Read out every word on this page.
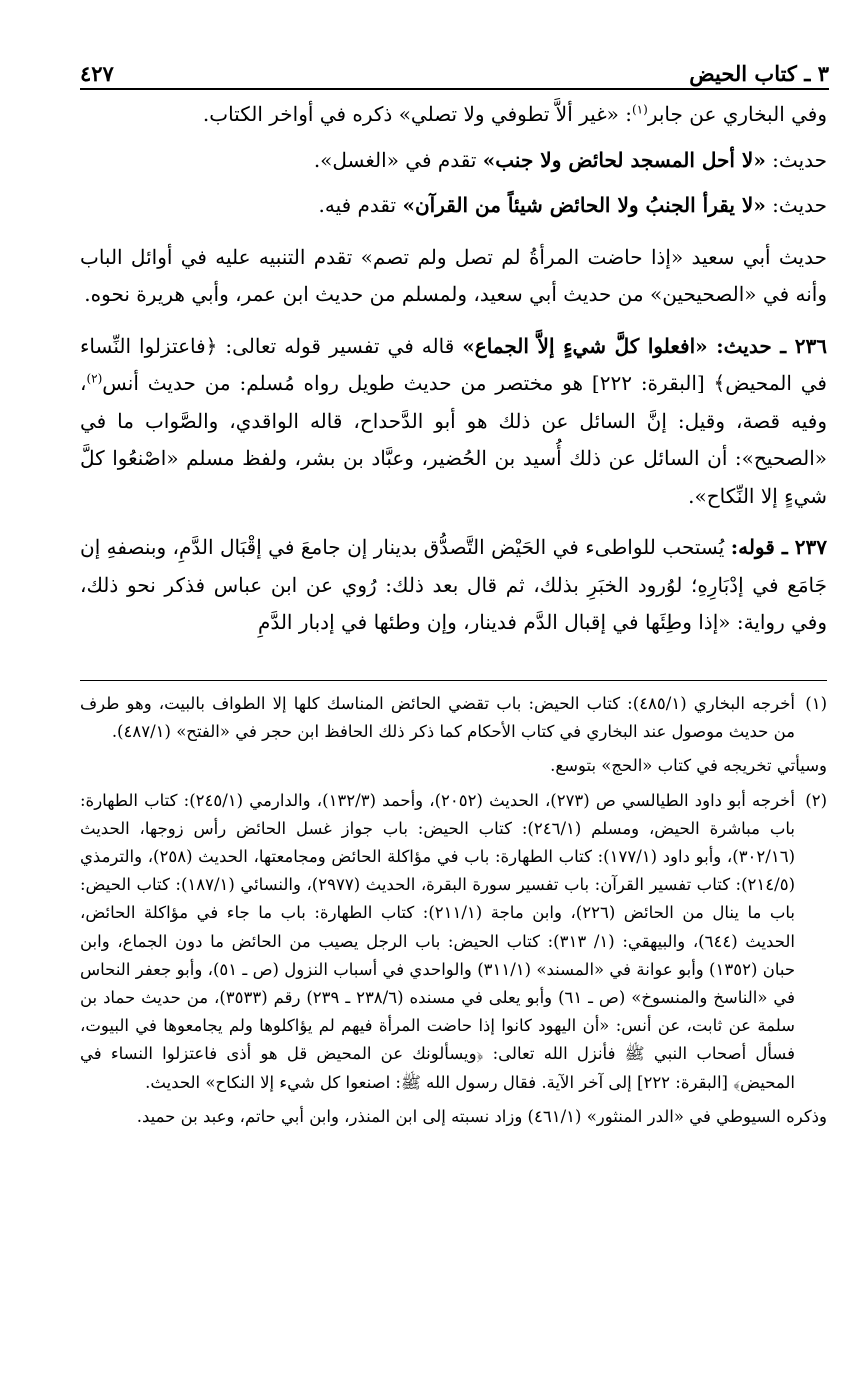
٣ ـ كتاب الحيض
٤٢٧

وفي البخاري عن جابر$^{(١)}$: «غير ألاَّ تطوفي ولا تصلي» ذكره في أواخر الكتاب.

حديث: «لا أحل المسجد لحائض ولا جنب» تقدم في «الغسل».

حديث: «لا يقرأ الجنبُ ولا الحائض شيئاً من القرآن» تقدم فيه.

حديث أبي سعيد «إذا حاضت المرأةُ لم تصل ولم تصم» تقدم التنبيه عليه في أوائل الباب وأنه في «الصحيحين» من حديث أبي سعيد، ولمسلم من حديث ابن عمر، وأبي هريرة نحوه.

٢٣٦ ـ حديث: «افعلوا كلَّ شيءٍ إلاَّ الجماع» قاله في تفسير قوله تعالى: ﴿فاعتزلوا النِّساء في المحيض﴾ [البقرة: ٢٢٢] هو مختصر من حديث طويل رواه مُسلم: من حديث أنس$^{(٢)}$، وفيه قصة، وقيل: إنَّ السائل عن ذلك هو أبو الدَّحداح، قاله الواقدي، والصَّواب ما في «الصحيح»: أن السائل عن ذلك أُسيد بن الحُضير، وعبَّاد بن بشر، ولفظ مسلم «اصْنعُوا كلَّ شيءٍ إلا النِّكاح».

٢٣٧ ـ قوله: يُستحب للواطىء في الحَيْض التَّصدُّق بدينار إن جامعَ في إقْبَال الدَّمِ، وبنصفهِ إن جَامَع في إدْبَارِهِ؛ لوُرود الخبَرِ بذلك، ثم قال بعد ذلك: رُوي عن ابن عباس فذكر نحو ذلك، وفي رواية: «إذا وطِئَها في إقبال الدَّم فدينار، وإن وطئها في إدبار الدَّمِ

(١)
أخرجه البخاري (٤٨٥/١): كتاب الحيض: باب تقضي الحائض المناسك كلها إلا الطواف بالبيت، وهو طرف من حديث موصول عند البخاري في كتاب الأحكام كما ذكر ذلك الحافظ ابن حجر في «الفتح» (٤٨٧/١).

وسيأتي تخريجه في كتاب «الحج» بتوسع.

(٢)
أخرجه أبو داود الطيالسي ص (٢٧٣)، الحديث (٢٠٥٢)، وأحمد (١٣٢/٣)، والدارمي (٢٤٥/١): كتاب الطهارة: باب مباشرة الحيض، ومسلم (٢٤٦/١): كتاب الحيض: باب جواز غسل الحائض رأس زوجها، الحديث (٣٠٢/١٦)، وأبو داود (١٧٧/١): كتاب الطهارة: باب في مؤاكلة الحائض ومجامعتها، الحديث (٢٥٨)، والترمذي (٢١٤/٥): كتاب تفسير القرآن: باب تفسير سورة البقرة، الحديث (٢٩٧٧)، والنسائي (١٨٧/١): كتاب الحيض: باب ما ينال من الحائض (٢٢٦)، وابن ماجة (٢١١/١): كتاب الطهارة: باب ما جاء في مؤاكلة الحائض، الحديث (٦٤٤)، والبيهقي: (١/ ٣١٣): كتاب الحيض: باب الرجل يصيب من الحائض ما دون الجماع، وابن حبان (١٣٥٢) وأبو عوانة في «المسند» (٣١١/١) والواحدي في أسباب النزول (ص ـ ٥١)، وأبو جعفر النحاس في «الناسخ والمنسوخ» (ص ـ ٦١) وأبو يعلى في مسنده (٢٣٨/٦ ـ ٢٣٩) رقم (٣٥٣٣)، من حديث حماد بن سلمة عن ثابت، عن أنس: «أن اليهود كانوا إذا حاضت المرأة فيهم لم يؤاكلوها ولم يجامعوها في البيوت، فسأل أصحاب النبي ﷺ فأنزل الله تعالى: ﴿ويسألونك عن المحيض قل هو أذى فاعتزلوا النساء في المحيض﴾ [البقرة: ٢٢٢] إلى آخر الآية. فقال رسول الله ﷺ: اصنعوا كل شيء إلا النكاح» الحديث.

وذكره السيوطي في «الدر المنثور» (٤٦١/١) وزاد نسبته إلى ابن المنذر، وابن أبي حاتم، وعبد بن حميد.
